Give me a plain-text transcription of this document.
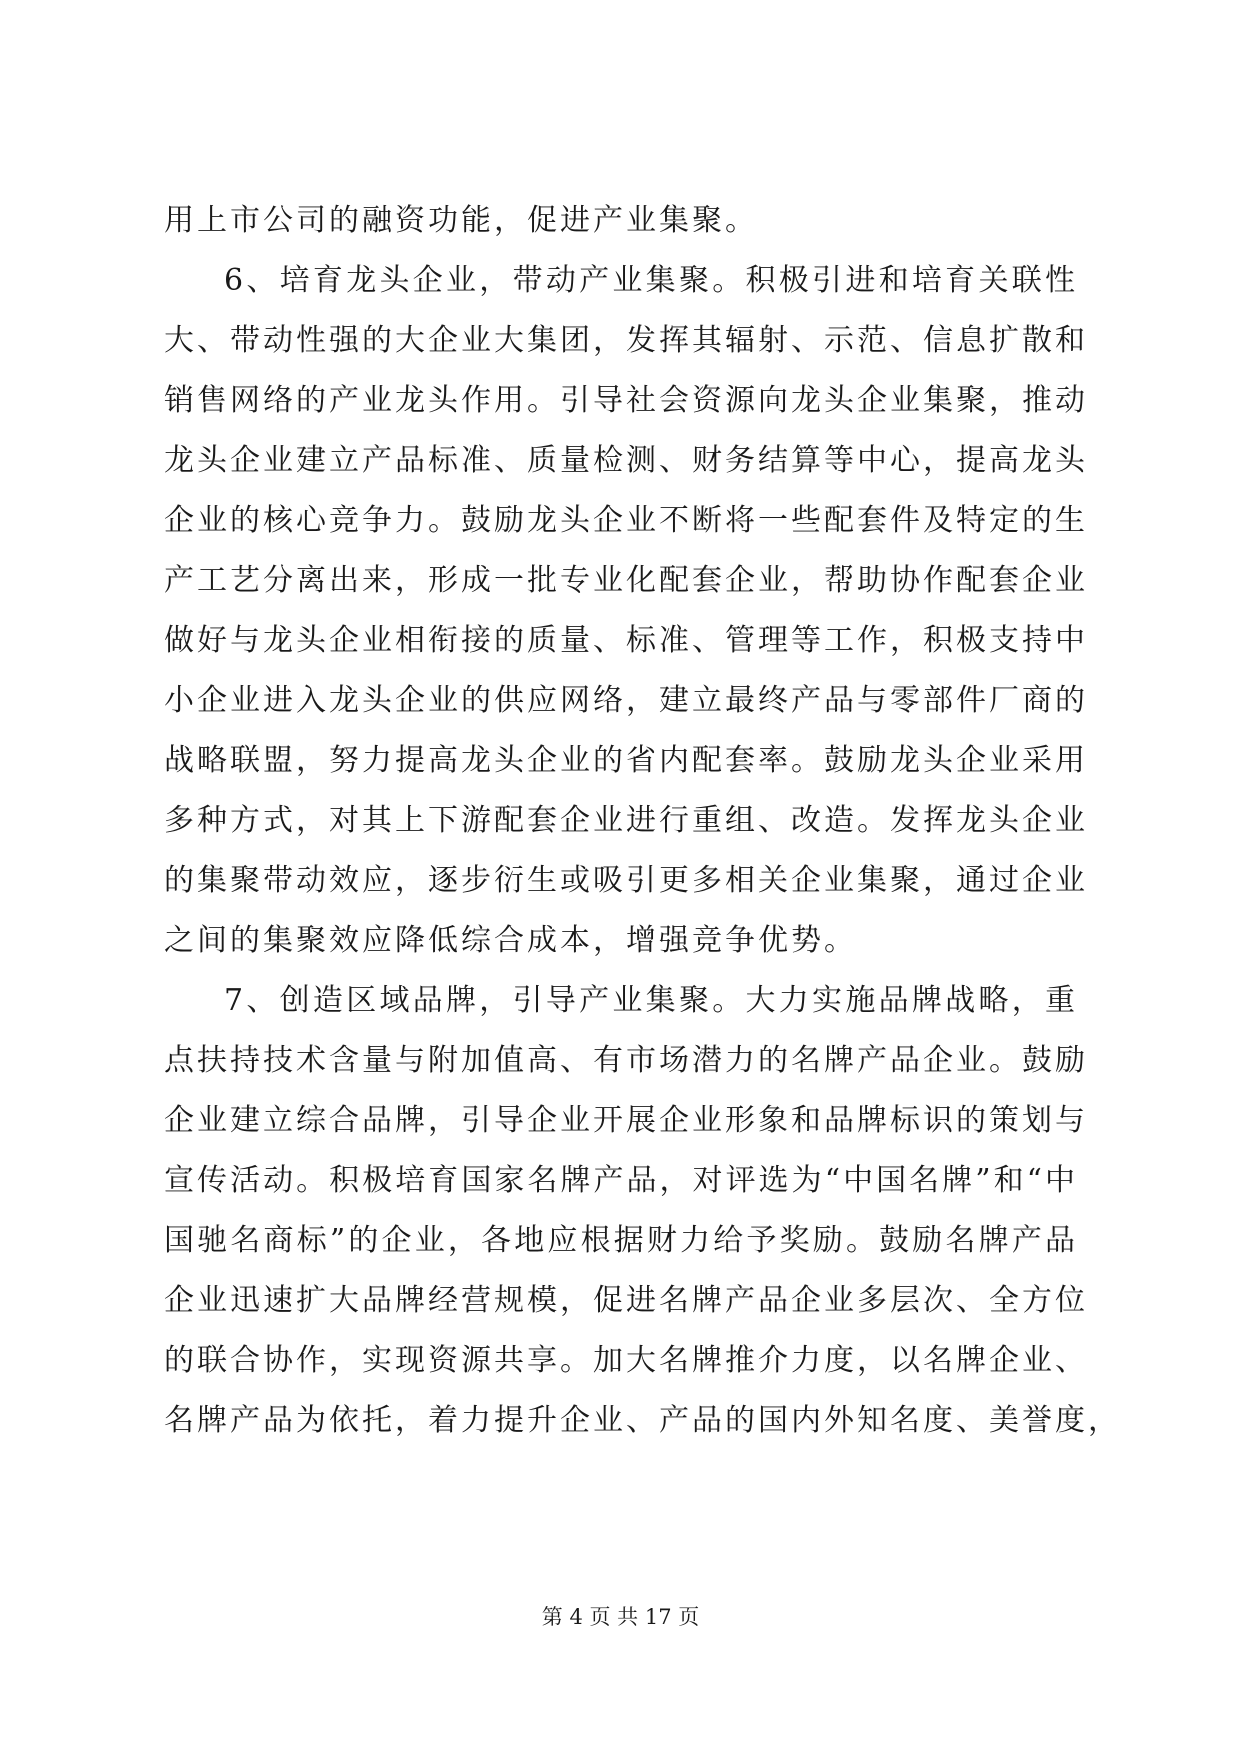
用上市公司的融资功能，促进产业集聚。
6、培育龙头企业，带动产业集聚。积极引进和培育关联性
大、带动性强的大企业大集团，发挥其辐射、示范、信息扩散和
销售网络的产业龙头作用。引导社会资源向龙头企业集聚，推动
龙头企业建立产品标准、质量检测、财务结算等中心，提高龙头
企业的核心竞争力。鼓励龙头企业不断将一些配套件及特定的生
产工艺分离出来，形成一批专业化配套企业，帮助协作配套企业
做好与龙头企业相衔接的质量、标准、管理等工作，积极支持中
小企业进入龙头企业的供应网络，建立最终产品与零部件厂商的
战略联盟，努力提高龙头企业的省内配套率。鼓励龙头企业采用
多种方式，对其上下游配套企业进行重组、改造。发挥龙头企业
的集聚带动效应，逐步衍生或吸引更多相关企业集聚，通过企业
之间的集聚效应降低综合成本，增强竞争优势。
7、创造区域品牌，引导产业集聚。大力实施品牌战略，重
点扶持技术含量与附加值高、有市场潜力的名牌产品企业。鼓励
企业建立综合品牌，引导企业开展企业形象和品牌标识的策划与
宣传活动。积极培育国家名牌产品，对评选为“中国名牌”和“中
国驰名商标”的企业，各地应根据财力给予奖励。鼓励名牌产品
企业迅速扩大品牌经营规模，促进名牌产品企业多层次、全方位
的联合协作，实现资源共享。加大名牌推介力度，以名牌企业、
名牌产品为依托，着力提升企业、产品的国内外知名度、美誉度，
第 4 页 共 17 页
